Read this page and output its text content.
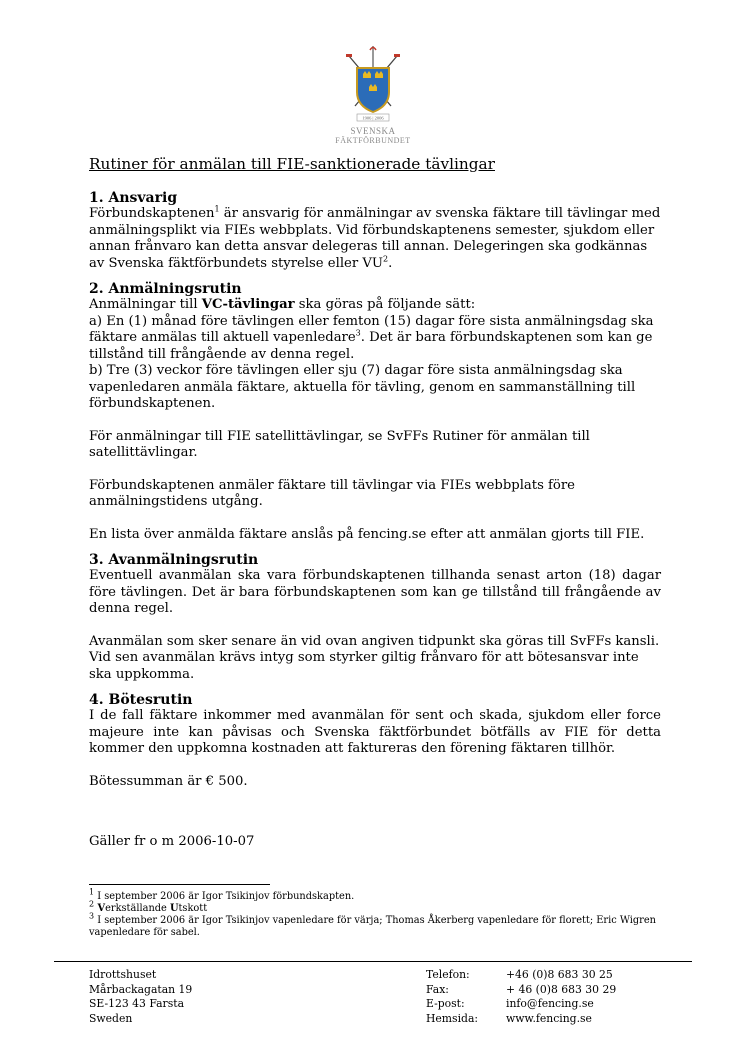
1906 | 2006
SVENSKA
FÄKTFÖRBUNDET
Rutiner för anmälan till FIE-sanktionerade tävlingar
1. Ansvarig

Förbundskaptenen$^1$ är ansvarig för anmälningar av svenska fäktare till tävlingar med anmälningsplikt via FIEs webbplats. Vid förbundskaptenens semester, sjukdom eller annan frånvaro kan detta ansvar delegeras till annan. Delegeringen ska godkännas av Svenska fäktförbundets styrelse eller $VU^2$.

2. Anmälningsrutin

Anmälningar till VC-tävlingar ska göras på följande sätt:

a) En (1) månad före tävlingen eller femton (15) dagar före sista anmälningsdag ska fäktare anmälas till aktuell vapenledare$^3$. Det är bara förbundskaptenen som kan ge tillstånd till frångående av denna regel.

b) Tre (3) veckor före tävlingen eller sju (7) dagar före sista anmälningsdag ska vapenledaren anmäla fäktare, aktuella för tävling, genom en sammanställning till förbundskaptenen.

För anmälningar till FIE satellittävlingar, se SvFFs Rutiner för anmälan till satellittävlingar.

Förbundskaptenen anmäler fäktare till tävlingar via FIEs webbplats före anmälningstidens utgång.

En lista över anmälda fäktare anslås på fencing.se efter att anmälan gjorts till FIE.

3. Avanmälningsrutin

Eventuell avanmälan ska vara förbundskaptenen tillhanda senast arton (18) dagar före tävlingen. Det är bara förbundskaptenen som kan ge tillstånd till frångående av denna regel.

Avanmälan som sker senare än vid ovan angiven tidpunkt ska göras till SvFFs kansli. Vid sen avanmälan krävs intyg som styrker giltig frånvaro för att bötesansvar inte ska uppkomma.

4. Bötesrutin

I de fall fäktare inkommer med avanmälan för sent och skada, sjukdom eller force majeure inte kan påvisas och Svenska fäktförbundet bötfälls av FIE för detta kommer den uppkomna kostnaden att faktureras den förening fäktaren tillhör.

Bötessumman är € 500.

Gäller fr o m 2006-10-07

$^1$ I september 2006 är Igor Tsikinjov förbundskapten.
$^2$ Verkställande Utskott
$^3$ I september 2006 är Igor Tsikinjov vapenledare för värja; Thomas Åkerberg vapenledare för florett; Eric Wigren vapenledare för sabel.
Idrottshuset
Mårbackagatan 19
SE-123 43 Farsta
Sweden
Telefon:
Fax:
E-post:
Hemsida:
+46 (0)8 683 30 25
+ 46 (0)8 683 30 29
info@fencing.se
www.fencing.se
